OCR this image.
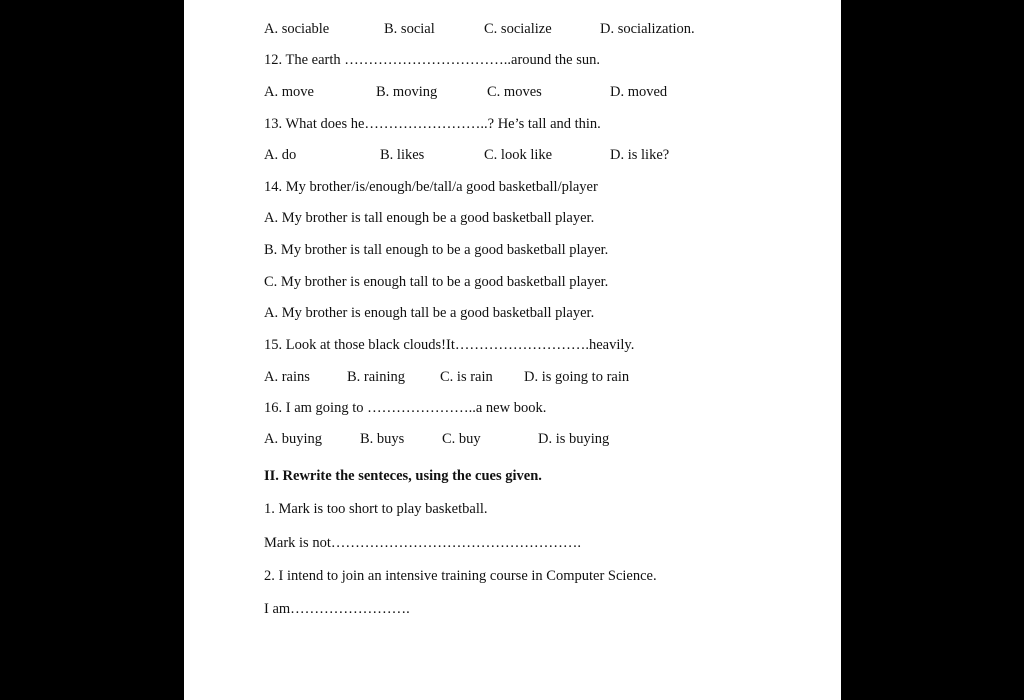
A. sociable	B. social	C. socialize	D. socialization.
12. The earth ……………………………..around the sun.
A. move	B. moving	C. moves	D. moved
13. What does he……………………..? He’s tall and thin.
A. do	B. likes	C. look like	D. is like?
14. My brother/is/enough/be/tall/a good basketball/player
A. My brother is tall enough be a good basketball player.
B. My brother is tall enough to be a good basketball player.
C. My brother is enough tall to be a good basketball player.
A. My brother is enough tall be a good basketball player.
15. Look at those black clouds!It……………………….heavily.
A. rains	B. raining C. is rain D. is going to rain
16. I am going to …………………..a new book.
A. buying	B. buys	C. buy	D. is buying
II. Rewrite the senteces, using the cues given.
1. Mark is too short to play basketball.
Mark is not…………………………………………….
2. I intend to join an intensive training course in Computer Science.
I am…………………….
